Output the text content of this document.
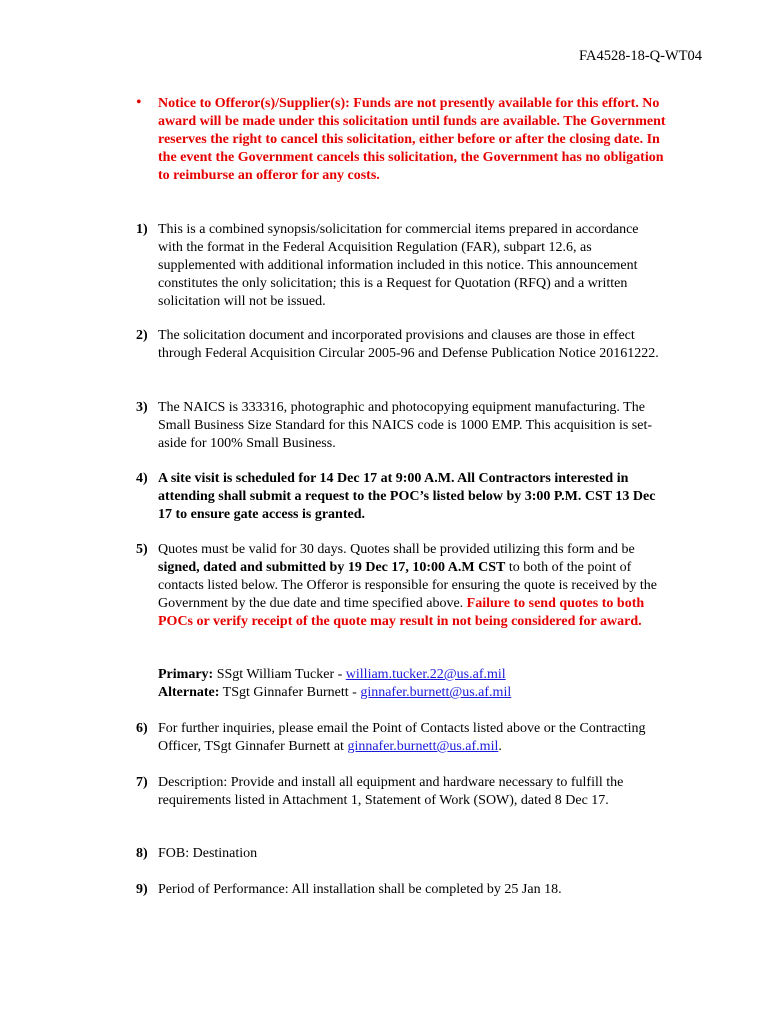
FA4528-18-Q-WT04
• Notice to Offeror(s)/Supplier(s): Funds are not presently available for this effort. No award will be made under this solicitation until funds are available. The Government reserves the right to cancel this solicitation, either before or after the closing date. In the event the Government cancels this solicitation, the Government has no obligation to reimburse an offeror for any costs.
1) This is a combined synopsis/solicitation for commercial items prepared in accordance with the format in the Federal Acquisition Regulation (FAR), subpart 12.6, as supplemented with additional information included in this notice. This announcement constitutes the only solicitation; this is a Request for Quotation (RFQ) and a written solicitation will not be issued.
2) The solicitation document and incorporated provisions and clauses are those in effect through Federal Acquisition Circular 2005-96 and Defense Publication Notice 20161222.
3) The NAICS is 333316, photographic and photocopying equipment manufacturing. The Small Business Size Standard for this NAICS code is 1000 EMP. This acquisition is set-aside for 100% Small Business.
4) A site visit is scheduled for 14 Dec 17 at 9:00 A.M. All Contractors interested in attending shall submit a request to the POC’s listed below by 3:00 P.M. CST 13 Dec 17 to ensure gate access is granted.
5) Quotes must be valid for 30 days. Quotes shall be provided utilizing this form and be signed, dated and submitted by 19 Dec 17, 10:00 A.M CST to both of the point of contacts listed below. The Offeror is responsible for ensuring the quote is received by the Government by the due date and time specified above. Failure to send quotes to both POCs or verify receipt of the quote may result in not being considered for award.
Primary: SSgt William Tucker - william.tucker.22@us.af.mil
Alternate: TSgt Ginnafer Burnett - ginnafer.burnett@us.af.mil
6) For further inquiries, please email the Point of Contacts listed above or the Contracting Officer, TSgt Ginnafer Burnett at ginnafer.burnett@us.af.mil.
7) Description: Provide and install all equipment and hardware necessary to fulfill the requirements listed in Attachment 1, Statement of Work (SOW), dated 8 Dec 17.
8) FOB: Destination
9) Period of Performance: All installation shall be completed by 25 Jan 18.
